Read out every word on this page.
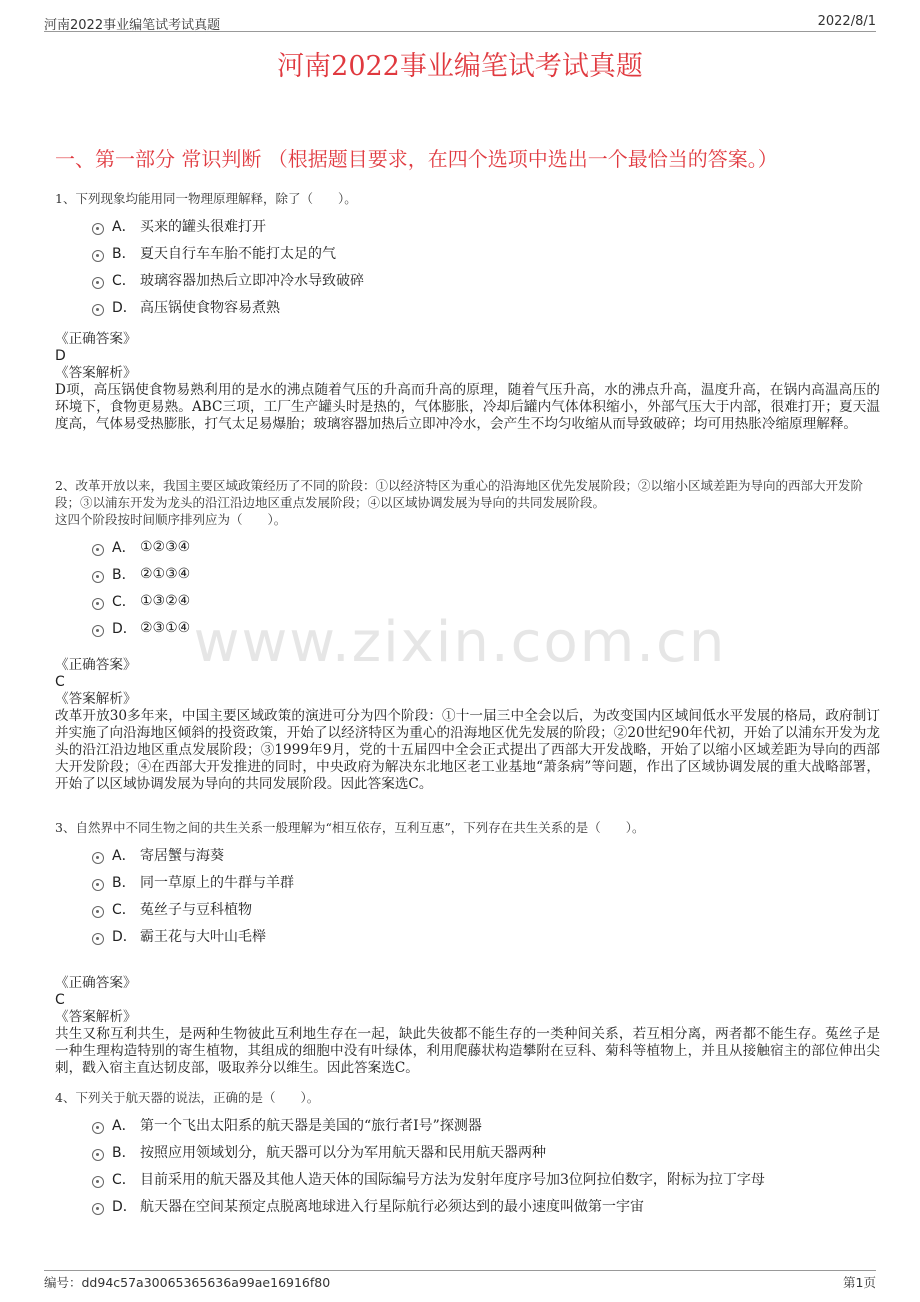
河南2022事业编笔试考试真题	2022/8/1
河南2022事业编笔试考试真题
一、第一部分 常识判断 （根据题目要求，在四个选项中选出一个最恰当的答案。）
www.zixin.com.cn
1、下列现象均能用同一物理原理解释，除了（　　）。
A． 买来的罐头很难打开
B． 夏天自行车车胎不能打太足的气
C． 玻璃容器加热后立即冲冷水导致破碎
D． 高压锅使食物容易煮熟

《正确答案》

D

《答案解析》

D项，高压锅使食物易熟利用的是水的沸点随着气压的升高而升高的原理，随着气压升高，水的沸点升高，温度升高，在锅内高温高压的环境下，食物更易熟。ABC三项，工厂生产罐头时是热的，气体膨胀，冷却后罐内气体体积缩小，外部气压大于内部，很难打开；夏天温度高，气体易受热膨胀，打气太足易爆胎；玻璃容器加热后立即冲冷水，会产生不均匀收缩从而导致破碎；均可用热胀冷缩原理解释。

2、改革开放以来，我国主要区域政策经历了不同的阶段：①以经济特区为重心的沿海地区优先发展阶段；②以缩小区域差距为导向的西部大开发阶段；③以浦东开发为龙头的沿江沿边地区重点发展阶段；④以区域协调发展为导向的共同发展阶段。
这四个阶段按时间顺序排列应为（　　）。
A． ①②③④
B． ②①③④
C． ①③②④
D． ②③①④

《正确答案》

C

《答案解析》

改革开放30多年来，中国主要区域政策的演进可分为四个阶段：①十一届三中全会以后，为改变国内区域间低水平发展的格局，政府制订并实施了向沿海地区倾斜的投资政策，开始了以经济特区为重心的沿海地区优先发展的阶段；②20世纪90年代初，开始了以浦东开发为龙头的沿江沿边地区重点发展阶段；③1999年9月，党的十五届四中全会正式提出了西部大开发战略，开始了以缩小区域差距为导向的西部大开发阶段；④在西部大开发推进的同时，中央政府为解决东北地区老工业基地“萧条病”等问题，作出了区域协调发展的重大战略部署，开始了以区域协调发展为导向的共同发展阶段。因此答案选C。

3、自然界中不同生物之间的共生关系一般理解为“相互依存，互利互惠”，下列存在共生关系的是（　　）。
A． 寄居蟹与海葵
B． 同一草原上的牛群与羊群
C． 菟丝子与豆科植物
D． 霸王花与大叶山毛榉

《正确答案》

C

《答案解析》

共生又称互利共生，是两种生物彼此互利地生存在一起，缺此失彼都不能生存的一类种间关系，若互相分离，两者都不能生存。菟丝子是一种生理构造特别的寄生植物，其组成的细胞中没有叶绿体，利用爬藤状构造攀附在豆科、菊科等植物上，并且从接触宿主的部位伸出尖刺，戳入宿主直达韧皮部，吸取养分以维生。因此答案选C。

4、下列关于航天器的说法，正确的是（　　）。
A． 第一个飞出太阳系的航天器是美国的“旅行者I号”探测器
B． 按照应用领域划分，航天器可以分为军用航天器和民用航天器两种
C． 目前采用的航天器及其他人造天体的国际编号方法为发射年度序号加3位阿拉伯数字，附标为拉丁字母
D． 航天器在空间某预定点脱离地球进入行星际航行必须达到的最小速度叫做第一宇宙
编号：dd94c57a30065365636a99ae16916f80	第1页
